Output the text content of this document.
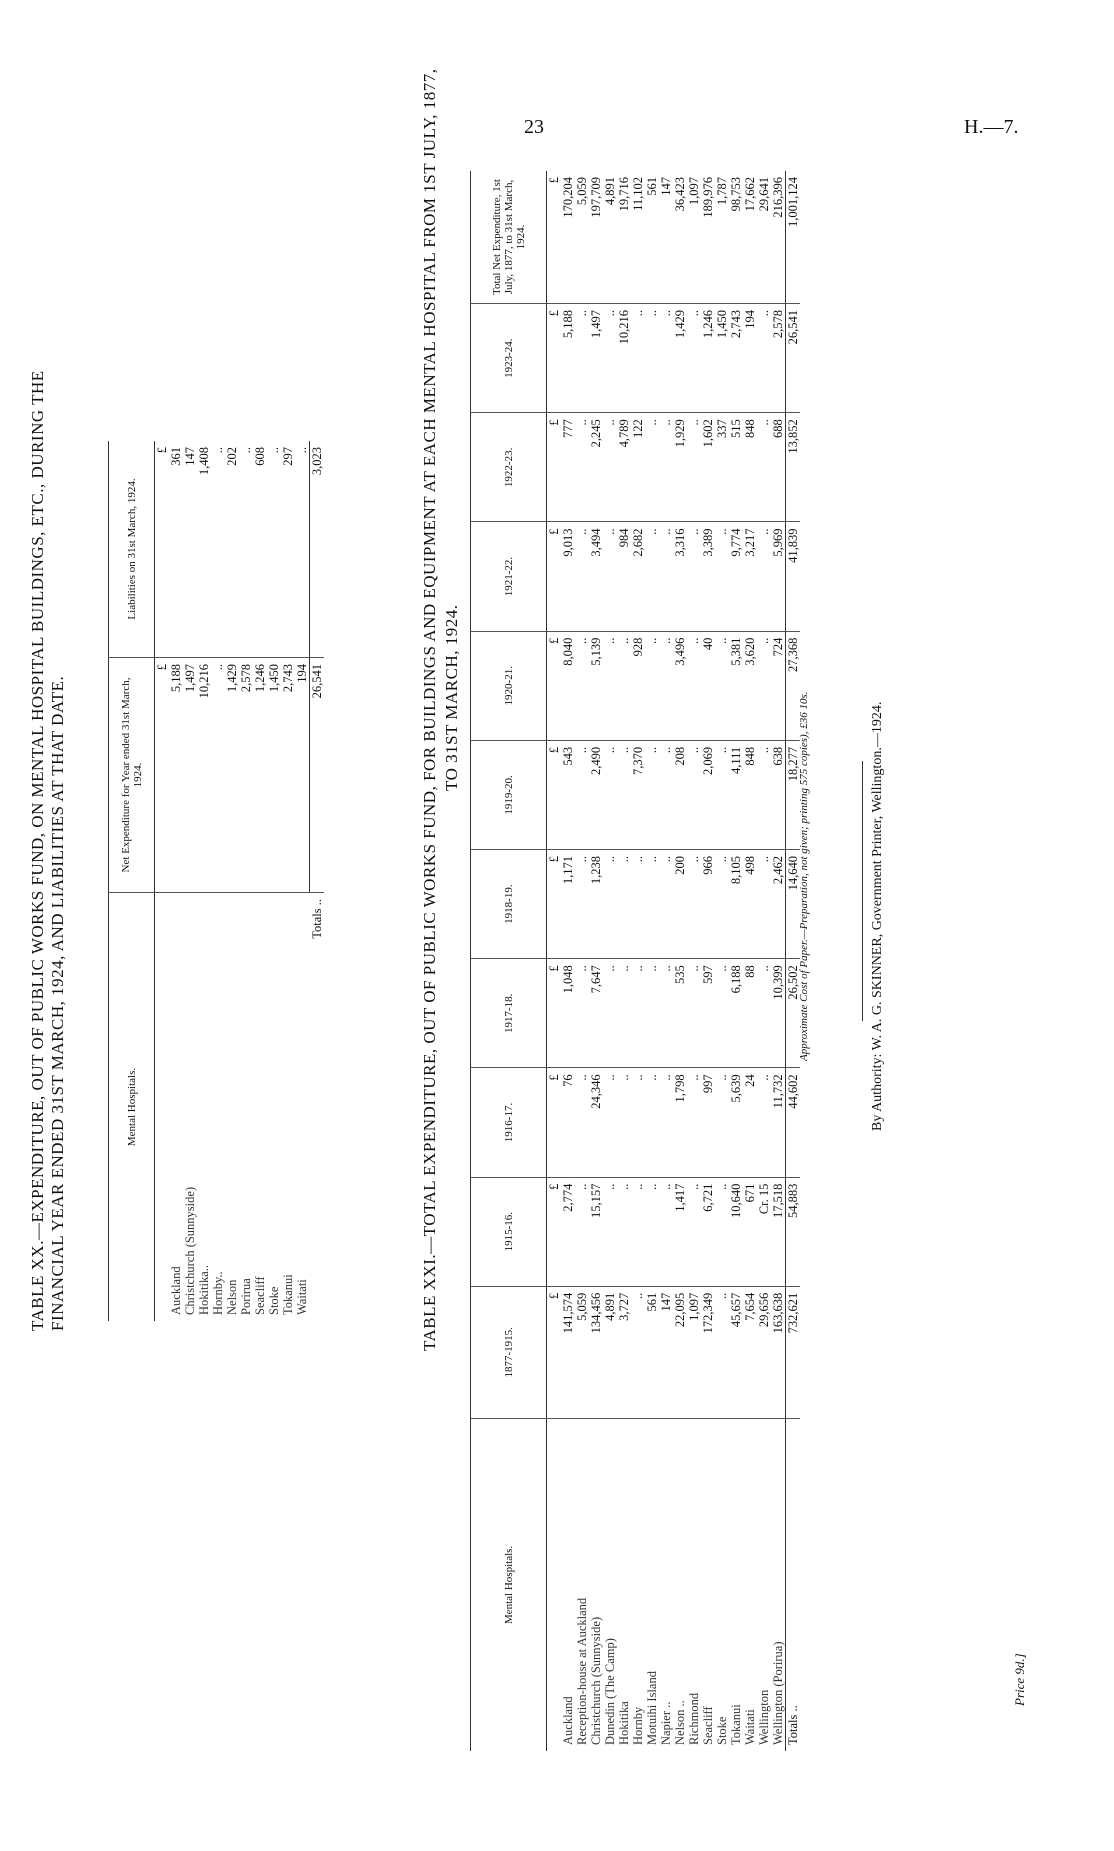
23	H.—7.
TABLE XX.—EXPENDITURE, OUT OF PUBLIC WORKS FUND, ON MENTAL HOSPITAL BUILDINGS, ETC., DURING THE FINANCIAL YEAR ENDED 31ST MARCH, 1924, AND LIABILITIES AT THAT DATE.	Mental Hospitals.	Net Expenditure for Year ended 31st March, 1924.	Liabilities on 31st March, 1924.
	£	£
Auckland	5,188	361
Christchurch (Sunnyside)	1,497	147
Hokitika..	10,216	1,408
Hornby..	..	..
Nelson	1,429	202
Porirua	2,578	..
Seacliff	1,246	608
Stoke	1,450	..
Tokanui	2,743	297
Waitati	194	..
Totals ..	26,541	3,023	TABLE XXI.—TOTAL EXPENDITURE, OUT OF PUBLIC WORKS FUND, FOR BUILDINGS AND EQUIPMENT AT EACH MENTAL HOSPITAL FROM 1ST JULY, 1877, TO 31ST MARCH, 1924.
Mental Hospitals.	1877-1915.	1915-16.	1916-17.	1917-18.	1918-19.	1919-20.	1920-21.	1921-22.	1922-23.	1923-24.	Total Net Expenditure, 1st July, 1877, to 31st March, 1924.
	£	£	£	£	£	£	£	£	£	£	£
Auckland	141,574	2,774	76	1,048	1,171	543	8,040	9,013	777	5,188	170,204
Reception-house at Auckland	5,059	..	..	..	..	..	..	..	..	..	5,059
Christchurch (Sunnyside)	134,456	15,157	24,346	7,647	1,238	2,490	5,139	3,494	2,245	1,497	197,709
Dunedin (The Camp)	4,891	..	..	..	..	..	..	..	..	..	4,891
Hokitika	3,727	..	..	..	..	..	..	984	4,789	10,216	19,716
Hornby	..	..	..	..	..	7,370	928	2,682	122	..	11,102
Motuihi Island	561	..	..	..	..	..	..	..	..	..	561
Napier ..	147	..	..	..	..	..	..	..	..	..	147
Nelson ..	22,095	1,417	1,798	535	200	208	3,496	3,316	1,929	1,429	36,423
Richmond	1,097	..	..	..	..	..	..	..	..	..	1,097
Seacliff	172,349	6,721	997	597	966	2,069	40	3,389	1,602	1,246	189,976
Stoke	..	..	..	..	..	..	..	..	337	1,450	1,787
Tokanui	45,657	10,640	5,639	6,188	8,105	4,111	5,381	9,774	515	2,743	98,753
Waitati	7,654	671	24	88	498	848	3,620	3,217	848	194	17,662
Wellington	29,656	Cr. 15	..	..	..	..	..	..	..	..	29,641
Wellington (Porirua)	163,638	17,518	11,732	10,399	2,462	638	724	5,969	688	2,578	216,396
Totals ..	732,621	54,883	44,602	26,502	14,640	18,277	27,368	41,839	13,852	26,541	1,001,124
Approximate Cost of Paper.—Preparation, not given; printing 575 copies), £36 10s.	By Authority: W. A. G. SKINNER, Government Printer, Wellington.—1924.
Price 9d.]
